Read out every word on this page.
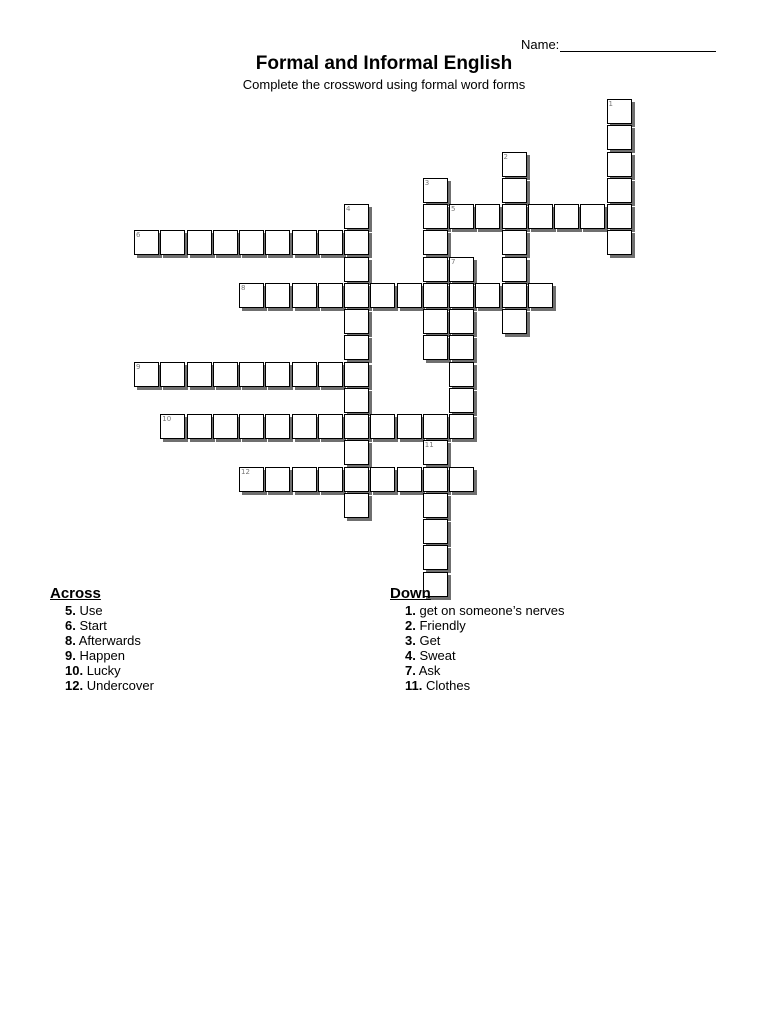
Name:
Formal and Informal English
Complete the crossword using formal word forms
1
2
3
4	5
6
7
8
9
10
11
12
Across
5. Use
6. Start
8. Afterwards
9. Happen
10. Lucky
12. Undercover
Down
1. get on someone’s nerves
2. Friendly
3. Get
4. Sweat
7. Ask
11. Clothes
